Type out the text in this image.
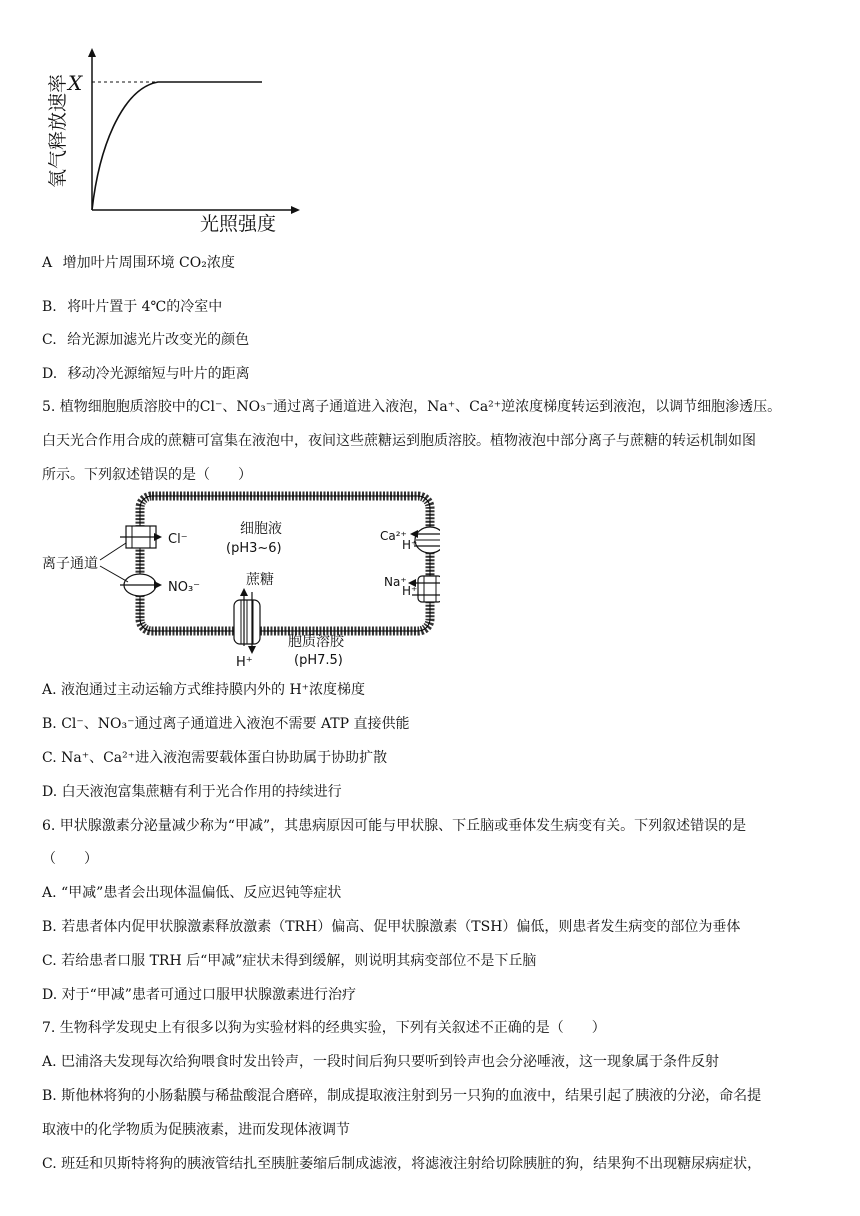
X
氧气释放速率
光照强度
A 增加叶片周围环境 CO₂浓度
B. 将叶片置于 4℃的冷室中
C. 给光源加滤光片改变光的颜色
D. 移动冷光源缩短与叶片的距离
5. 植物细胞胞质溶胶中的Cl⁻、NO₃⁻通过离子通道进入液泡，Na⁺、Ca²⁺逆浓度梯度转运到液泡，以调节细胞渗透压。
白天光合作用合成的蔗糖可富集在液泡中，夜间这些蔗糖运到胞质溶胶。植物液泡中部分离子与蔗糖的转运机制如图
所示。下列叙述错误的是（　　）
细胞液
(pH3~6)
蔗糖
Cl⁻
NO₃⁻
离子通道
H⁺
胞质溶胶
(pH7.5)
Ca²⁺
Na⁺
H⁺
H⁺
A. 液泡通过主动运输方式维持膜内外的 H⁺浓度梯度
B. Cl⁻、NO₃⁻通过离子通道进入液泡不需要 ATP 直接供能
C. Na⁺、Ca²⁺进入液泡需要载体蛋白协助属于协助扩散
D. 白天液泡富集蔗糖有利于光合作用的持续进行
6. 甲状腺激素分泌量减少称为“甲减”，其患病原因可能与甲状腺、下丘脑或垂体发生病变有关。下列叙述错误的是
（　　）
A. “甲减”患者会出现体温偏低、反应迟钝等症状
B. 若患者体内促甲状腺激素释放激素（TRH）偏高、促甲状腺激素（TSH）偏低，则患者发生病变的部位为垂体
C. 若给患者口服 TRH 后“甲减”症状未得到缓解，则说明其病变部位不是下丘脑
D. 对于“甲减”患者可通过口服甲状腺激素进行治疗
7. 生物科学发现史上有很多以狗为实验材料的经典实验，下列有关叙述不正确的是（　　）
A. 巴浦洛夫发现每次给狗喂食时发出铃声，一段时间后狗只要听到铃声也会分泌唾液，这一现象属于条件反射
B. 斯他林将狗的小肠黏膜与稀盐酸混合磨碎，制成提取液注射到另一只狗的血液中，结果引起了胰液的分泌，命名提
取液中的化学物质为促胰液素，进而发现体液调节
C. 班廷和贝斯特将狗的胰液管结扎至胰脏萎缩后制成滤液，将滤液注射给切除胰脏的狗，结果狗不出现糖尿病症状，
